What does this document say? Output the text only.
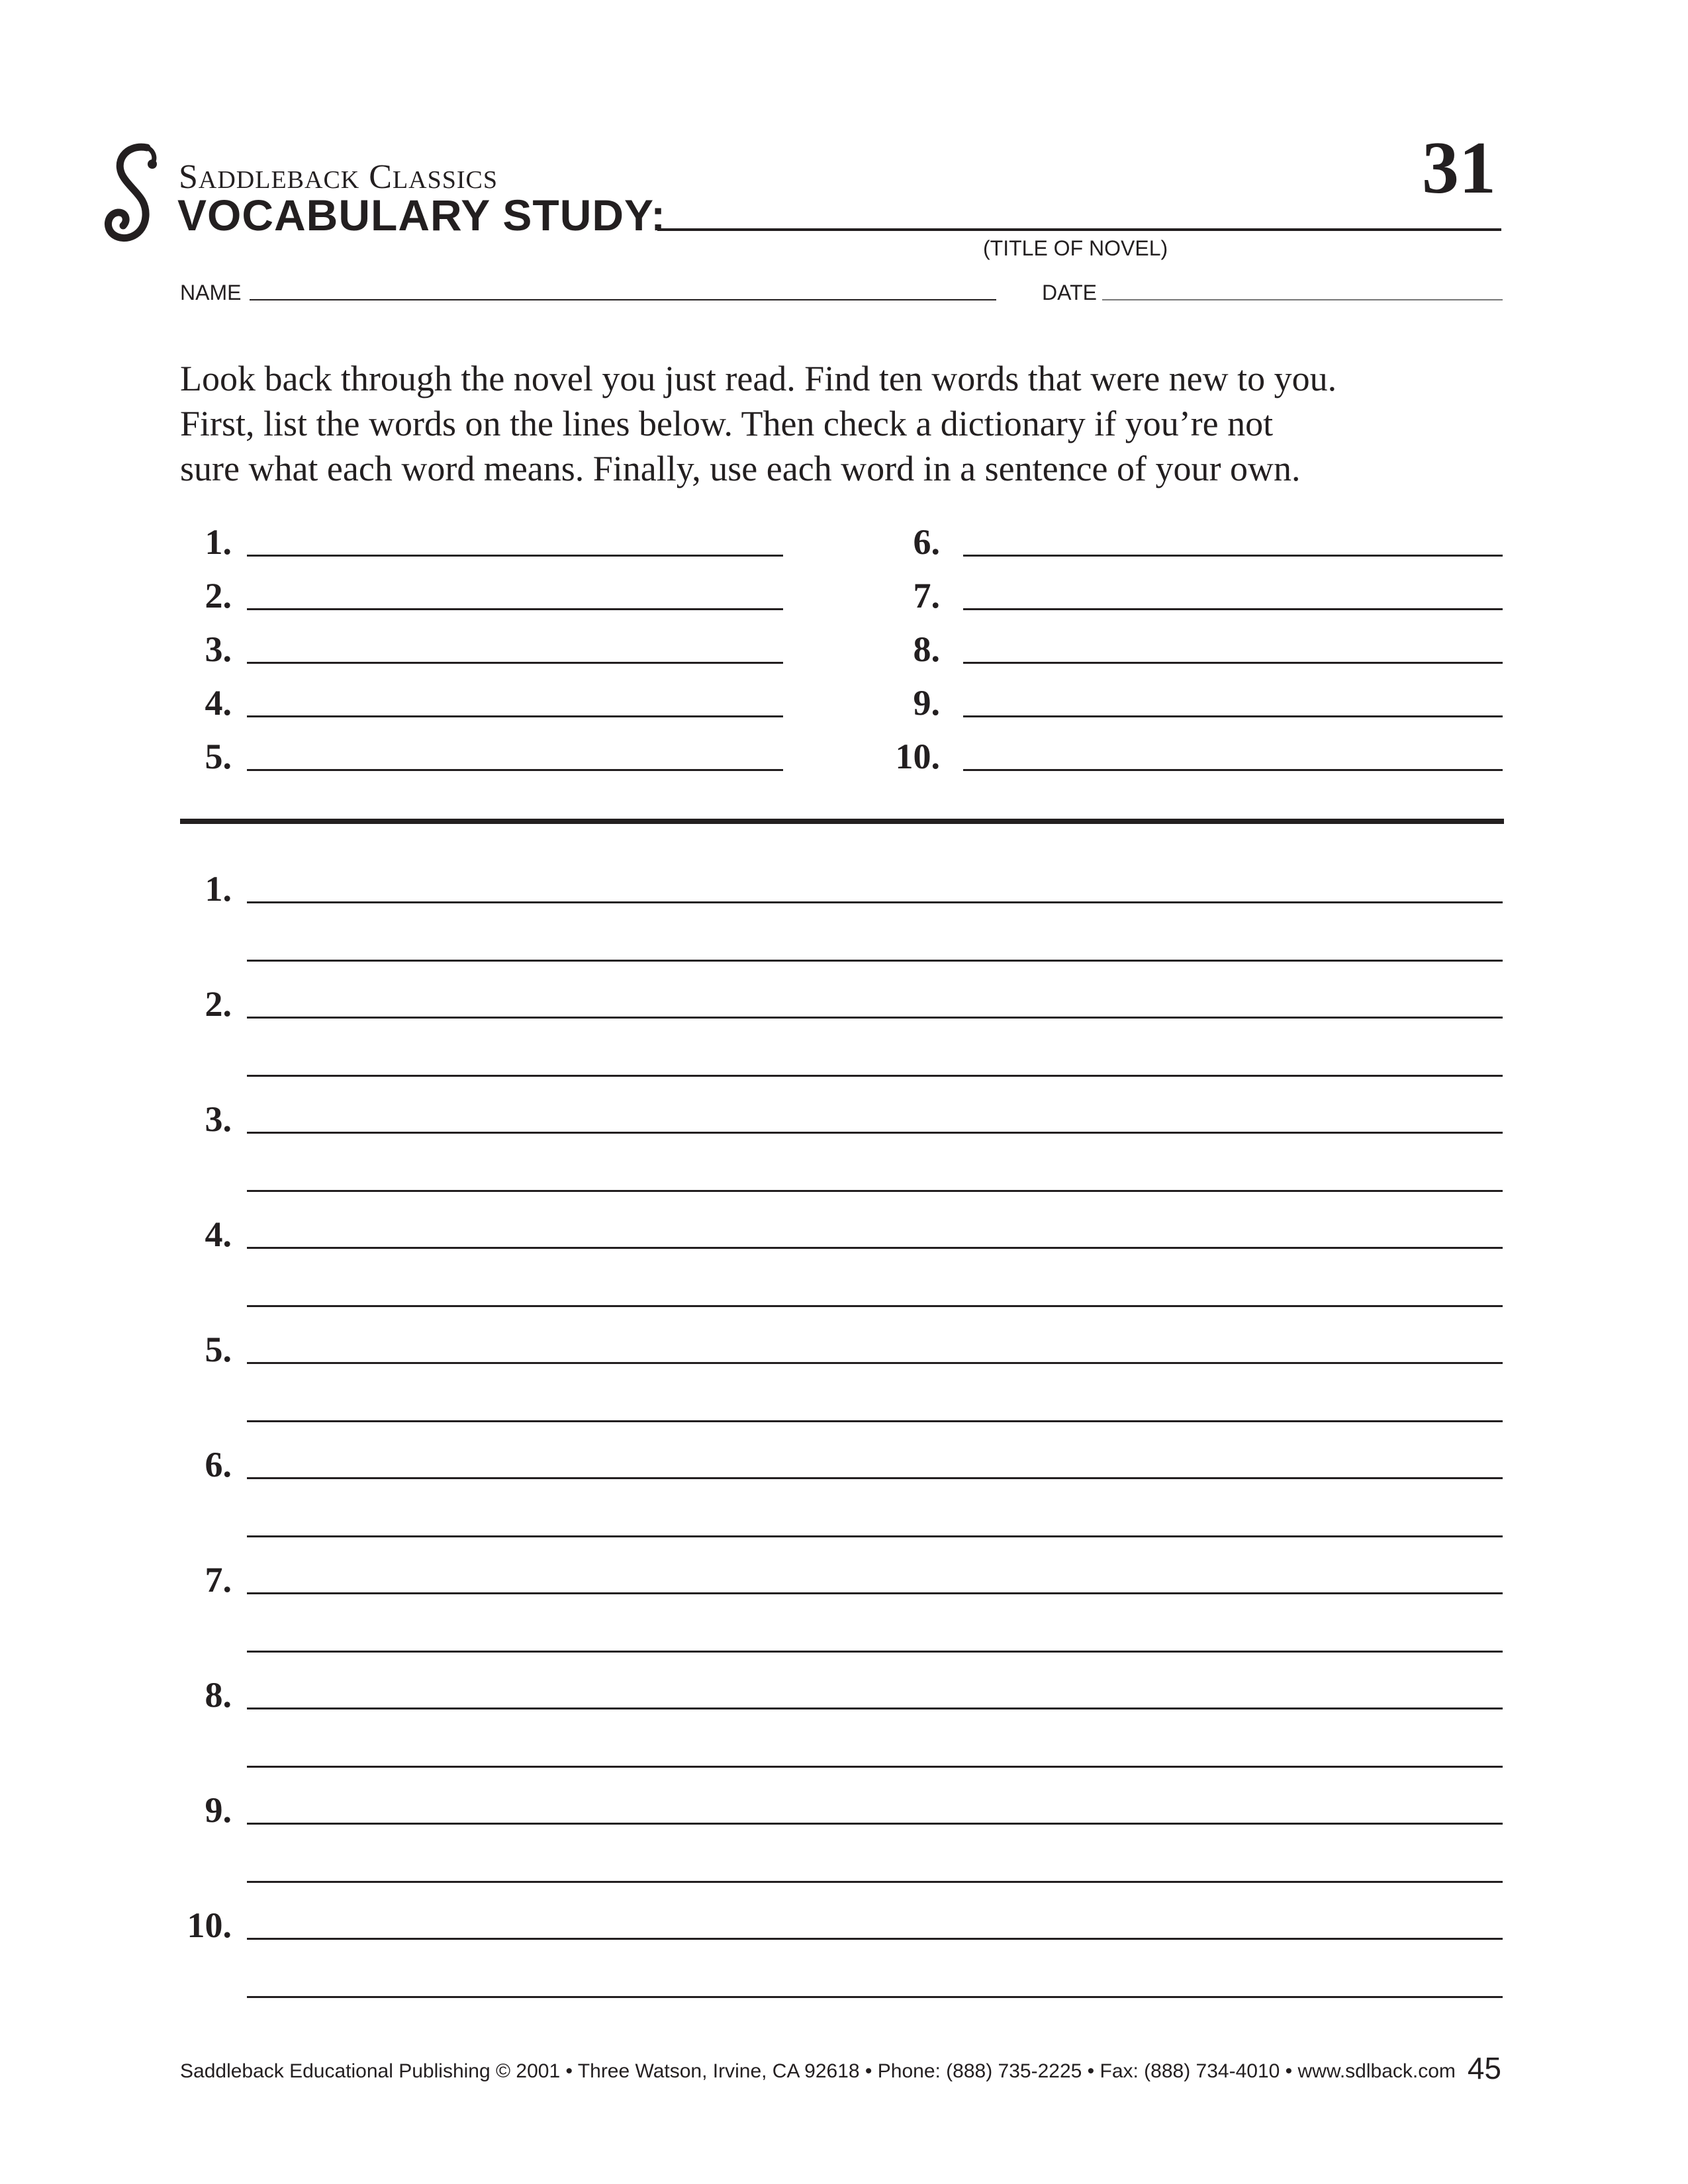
SADDLEBACK CLASSICS	31
VOCABULARY STUDY:
(TITLE OF NOVEL)
NAME	DATE

Look back through the novel you just read. Find ten words that were new to you.

First, list the words on the lines below. Then check a dictionary if you’re not

sure what each word means. Finally, use each word in a sentence of your own.

1.
2.
3.
4.
5.
6.
7.
8.
9.
10.
1.
2.
3.
4.
5.
6.
7.
8.
9.
10.
Saddleback Educational Publishing © 2001 • Three Watson, Irvine, CA 92618 • Phone: (888) 735-2225 • Fax: (888) 734-4010 • www.sdlback.com 45
